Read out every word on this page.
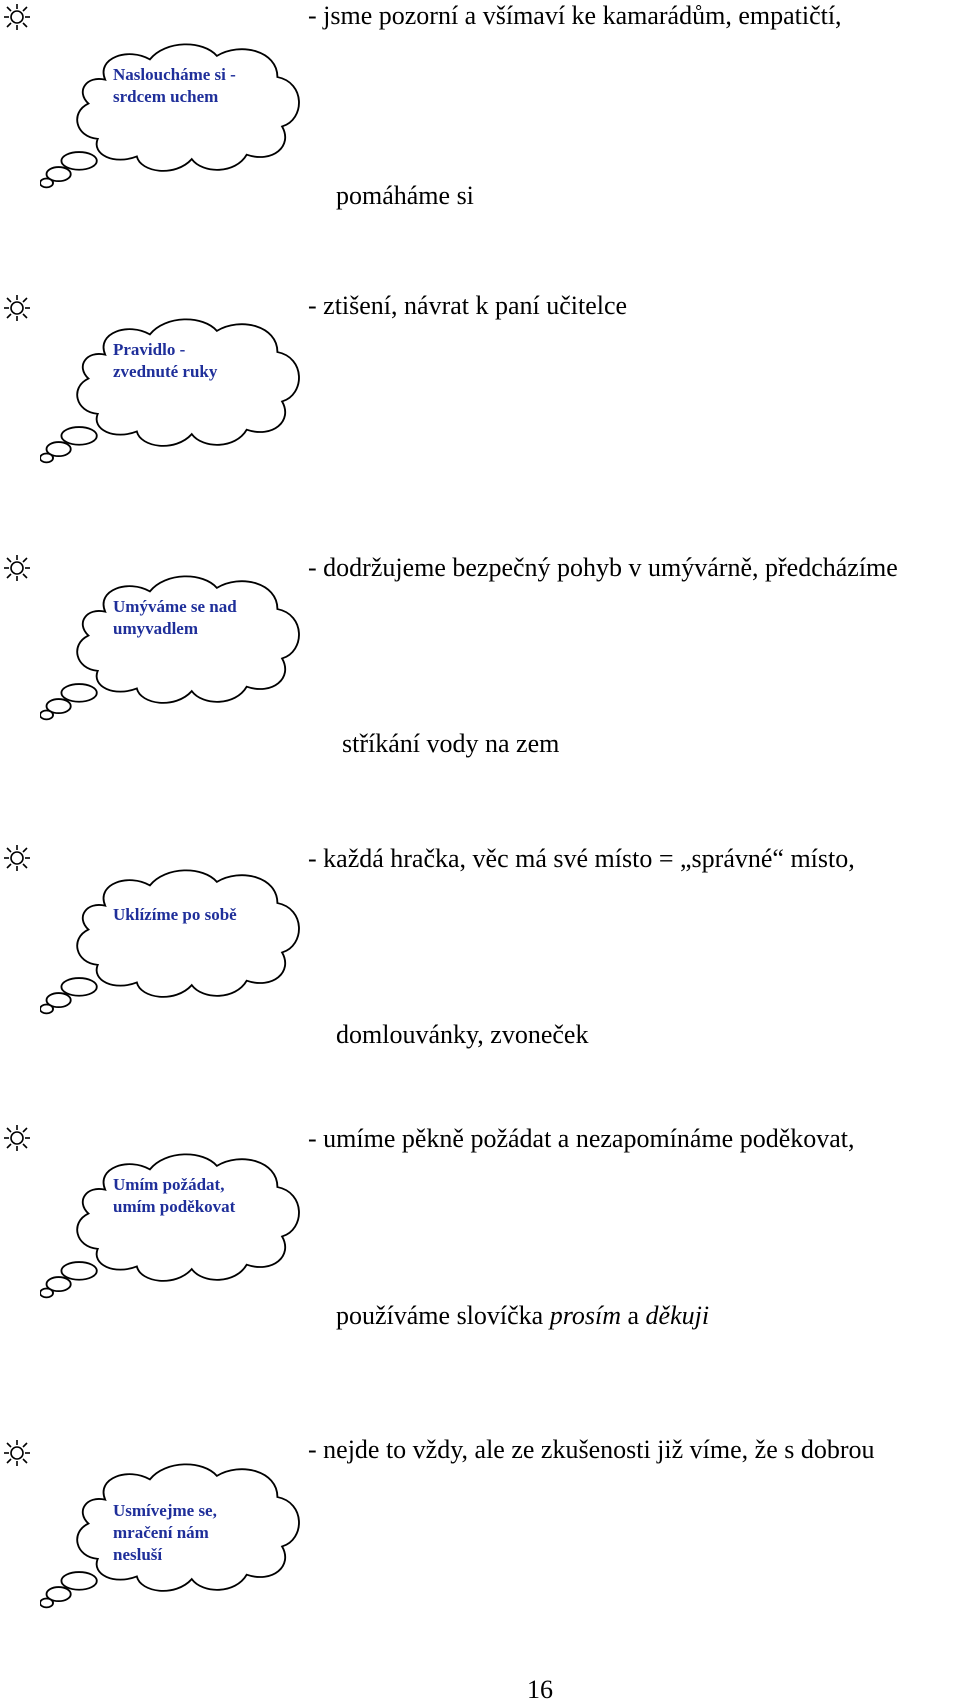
- jsme pozorní a všímaví ke kamarádům, empatičtí,
Nasloucháme si - srdcem uchem
pomáháme si
- ztišení, návrat k paní učitelce
Pravidlo -zvednuté ruky
- dodržujeme bezpečný pohyb v umývárně, předcházíme
Umýváme se nad umyvadlem
stříkání vody na zem
- každá hračka, věc má své místo = „správné“ místo,
Uklízíme po sobě
domlouvánky, zvoneček
- umíme pěkně požádat a nezapomínáme poděkovat,
Umím požádat, umím poděkovat
používáme slovíčka prosím a děkuji
- nejde to vždy, ale ze zkušenosti již víme, že s dobrou
Usmívejme se, mračení nám nesluší
16
